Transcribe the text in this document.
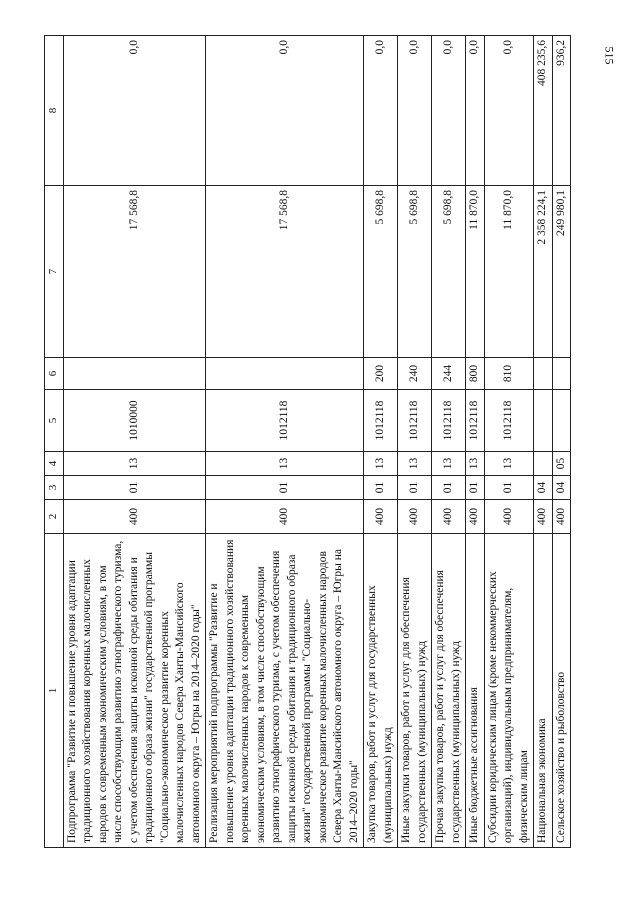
515
1	2	3	4	5	6	7	8
Подпрограмма "Развитие и повышение уровня адаптации традиционного хозяйствования коренных малочисленных народов к современным экономическим условиям, в том числе способствующим развитию этнографического туризма, с учетом обеспечения защиты исконной среды обитания и традиционного образа жизни" государственной программы "Социально-экономическое развитие коренных малочисленных народов Севера Ханты-Мансийского автономного округа – Югры на 2014–2020 годы"	400	01	13	1010000		17 568,8	0,0
Реализация мероприятий подпрограммы "Развитие и повышение уровня адаптации традиционного хозяйствования коренных малочисленных народов к современным экономическим условиям, в том числе способствующим развитию этнографического туризма, с учетом обеспечения защиты исконной среды обитания и традиционного образа жизни" государственной программы "Социально-экономическое развитие коренных малочисленных народов Севера Ханты-Мансийского автономного округа – Югры на 2014–2020 годы"	400	01	13	1012118		17 568,8	0,0
Закупка товаров, работ и услуг для государственных (муниципальных) нужд	400	01	13	1012118	200	5 698,8	0,0
Иные закупки товаров, работ и услуг для обеспечения государственных (муниципальных) нужд	400	01	13	1012118	240	5 698,8	0,0
Прочая закупка товаров, работ и услуг для обеспечения государственных (муниципальных) нужд	400	01	13	1012118	244	5 698,8	0,0
Иные бюджетные ассигнования	400	01	13	1012118	800	11 870,0	0,0
Субсидии юридическим лицам (кроме некоммерческих организаций), индивидуальным предпринимателям, физическим лицам	400	01	13	1012118	810	11 870,0	0,0
Национальная экономика	400	04				2 358 224,1	408 235,6
Сельское хозяйство и рыболовство	400	04	05			249 980,1	936,2
